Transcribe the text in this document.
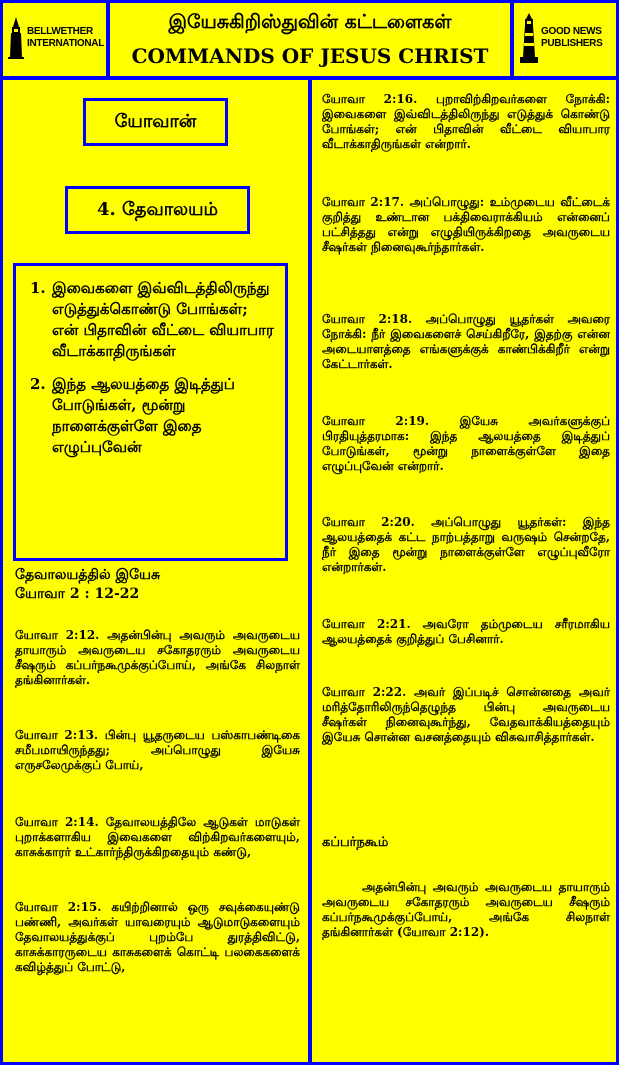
BELLWETHER
INTERNATIONAL
இயேசுகிறிஸ்துவின் கட்டளைகள்
COMMANDS OF JESUS CHRIST
GOOD NEWS
PUBLISHERS
யோவான்
4. தேவாலயம்
1. இவைகளை இவ்விடத்திலிருந்து எடுத்துக்கொண்டு போங்கள்; என் பிதாவின் வீட்டை வியாபார வீடாக்காதிருங்கள்
2. இந்த ஆலயத்தை இடித்துப் போடுங்கள், மூன்று நாளைக்குள்ளே இதை எழுப்புவேன்
தேவாலயத்தில் இயேசு
யோவா 2 : 12-22
யோவா 2:12. அதன்பின்பு அவரும் அவருடைய தாயாரும் அவருடைய சகோதரரும் அவருடைய சீஷரும் கப்பர்நகூமுக்குப்போய், அங்கே சிலநாள் தங்கினார்கள்.
யோவா 2:13. பின்பு யூதருடைய பஸ்காபண்டிகை சமீபமாயிருந்தது; அப்பொழுது இயேசு எருசலேமுக்குப் போய்,
யோவா 2:14. தேவாலயத்திலே ஆடுகள் மாடுகள் புறாக்களாகிய இவைகளை விற்கிறவர்களையும், காசுக்காரர் உட்கார்ந்திருக்கிறதையும் கண்டு,
யோவா 2:15. கயிற்றினால் ஒரு சவுக்கையுண்டு பண்ணி, அவர்கள் யாவரையும் ஆடுமாடுகளையும் தேவாலயத்துக்குப் புறம்பே துரத்திவிட்டு, காசுக்காரருடைய காசுகளைக் கொட்டி பலகைகளைக் கவிழ்த்துப் போட்டு,
யோவா 2:16. புறாவிற்கிறவர்களை நோக்கி: இவைகளை இவ்விடத்திலிருந்து எடுத்துக் கொண்டு போங்கள்; என் பிதாவின் வீட்டை வியாபார வீடாக்காதிருங்கள் என்றார்.
யோவா 2:17. அப்பொழுது: உம்முடைய வீட்டைக் குறித்து உண்டான பக்திவைராக்கியம் என்னைப் பட்சித்தது என்று எழுதியிருக்கிறதை அவருடைய சீஷர்கள் நினைவுகூர்ந்தார்கள்.
யோவா 2:18. அப்பொழுது யூதர்கள் அவரை நோக்கி: நீர் இவைகளைச் செய்கிறீரே, இதற்கு என்ன அடையாளத்தை எங்களுக்குக் காண்பிக்கிறீர் என்று கேட்டார்கள்.
யோவா 2:19. இயேசு அவர்களுக்குப் பிரதியுத்தரமாக: இந்த ஆலயத்தை இடித்துப் போடுங்கள், மூன்று நாளைக்குள்ளே இதை எழுப்புவேன் என்றார்.
யோவா 2:20. அப்பொழுது யூதர்கள்: இந்த ஆலயத்தைக் கட்ட நாற்பத்தாறு வருஷம் சென்றதே, நீர் இதை மூன்று நாளைக்குள்ளே எழுப்புவீரோ என்றார்கள்.
யோவா 2:21. அவரோ தம்முடைய சரீரமாகிய ஆலயத்தைக் குறித்துப் பேசினார்.
யோவா 2:22. அவர் இப்படிச் சொன்னதை அவர் மரித்தோரிலிருந்தெழுந்த பின்பு அவருடைய சீஷர்கள் நினைவுகூர்ந்து, வேதவாக்கியத்தையும் இயேசு சொன்ன வசனத்தையும் விசுவாசித்தார்கள்.
கப்பர்நகூம்
அதன்பின்பு அவரும் அவருடைய தாயாரும் அவருடைய சகோதரரும் அவருடைய சீஷரும் கப்பர்நகூமுக்குப்போய், அங்கே சிலநாள் தங்கினார்கள் (யோவா 2:12).
